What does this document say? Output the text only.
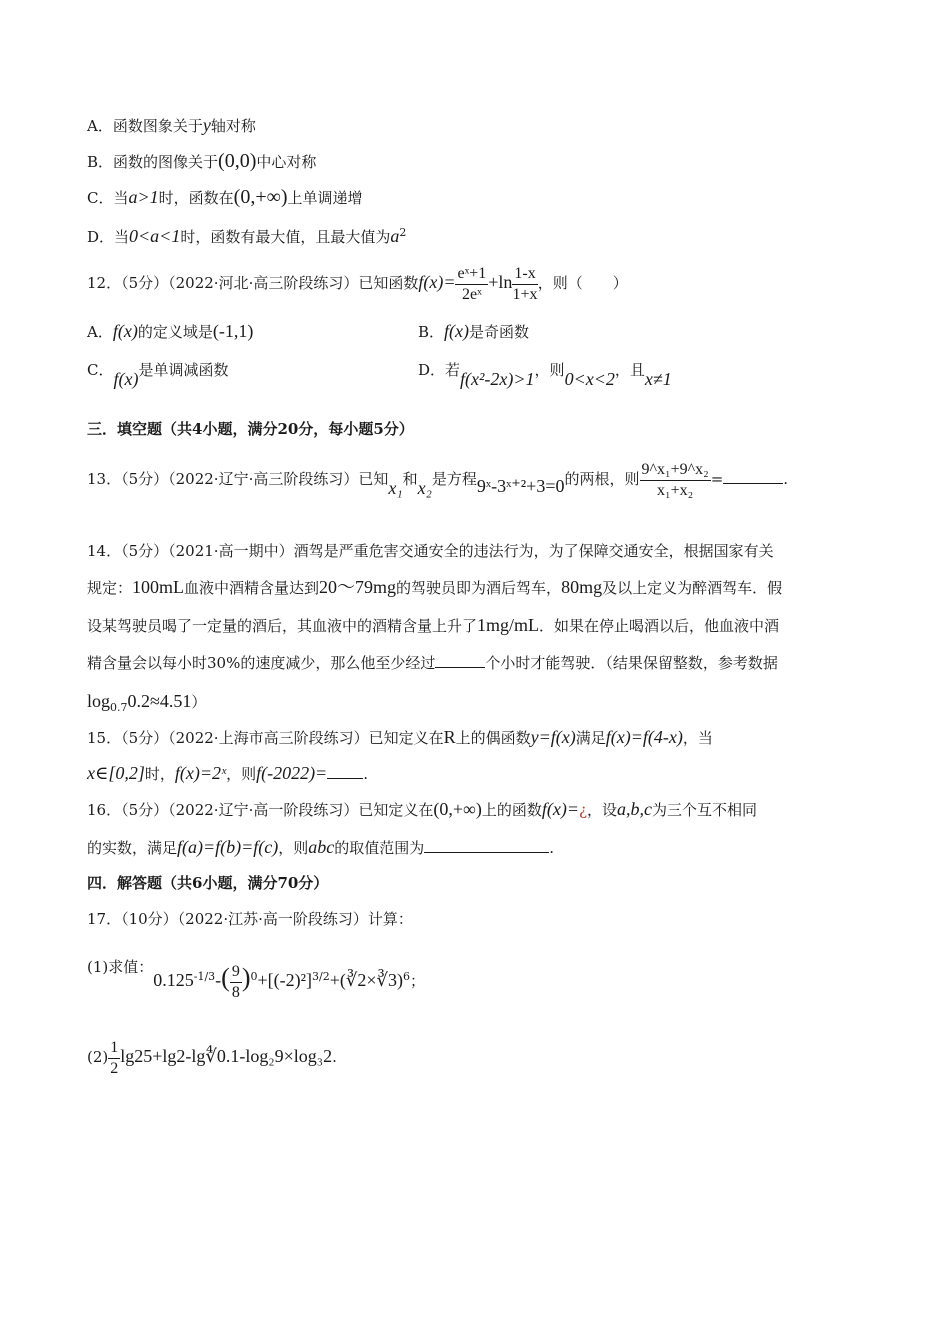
A．函数图象关于y轴对称
B．函数的图像关于(0,0)中心对称
C．当a>1时，函数在(0,+∞)上单调递增
D．当0<a<1时，函数有最大值，且最大值为$a^2$
12．（5分）（2022·河北·高三阶段练习）已知函数$f(x)= \frac{\text{eˣ+1}}{\text{2eˣ}} +\ln \frac{1-x}{1+x}$ ，则（　　）
A．f(x)的定义域是(-1,1)	B．f(x)是奇函数
C．f(x)是单调减函数	D．若f(x²-2x)>1，则0<x<2，且x≠1
三．填空题（共4小题，满分20分，每小题5分）
13．（5分）（2022·辽宁·高三阶段练习）已知x₁和x₂是方程9ˣ-3ˣ⁺²+3=0的两根，则 $\frac{\text{9\textasciicircum{}x₁+9\textasciicircum{}x₂}}{\text{x₁+x₂}}$ =	.
14．（5分）（2021·高一期中）酒驾是严重危害交通安全的违法行为，为了保障交通安全，根据国家有关
规定：100mL血液中酒精含量达到20～79mg的驾驶员即为酒后驾车，80mg及以上定义为醉酒驾车．假
设某驾驶员喝了一定量的酒后，其血液中的酒精含量上升了1mg/mL．如果在停止喝酒以后，他血液中酒
精含量会以每小时30%的速度减少，那么他至少经过	个小时才能驾驶．（结果保留整数，参考数据
$\log_{0.7}0.2\approx 4.51$）
15．（5分）（2022·上海市高三阶段练习）已知定义在R上的偶函数y=f(x)满足f(x)=f(4-x)，当
x∈[0,2]时，f(x)=2ˣ，则f(-2022)= .
16．（5分）（2022·辽宁·高一阶段练习）已知定义在(0,+∞)上的函数f(x)=¿，设a,b,c为三个互不相同
的实数，满足f(a)=f(b)=f(c)，则abc的取值范围为	.
四．解答题（共6小题，满分70分）
17．（10分）（2022·江苏·高一阶段练习）计算：
(1)求值：$0.125^{-1/3}-( \frac{9}{8}$ )$^0+[(-2)^2]^{3/2}+(∛2\times∛3)^6$；
$(2) \frac{1}{2}$ lg25+lg2-lg∜0.1-log₂9×log₃2.
